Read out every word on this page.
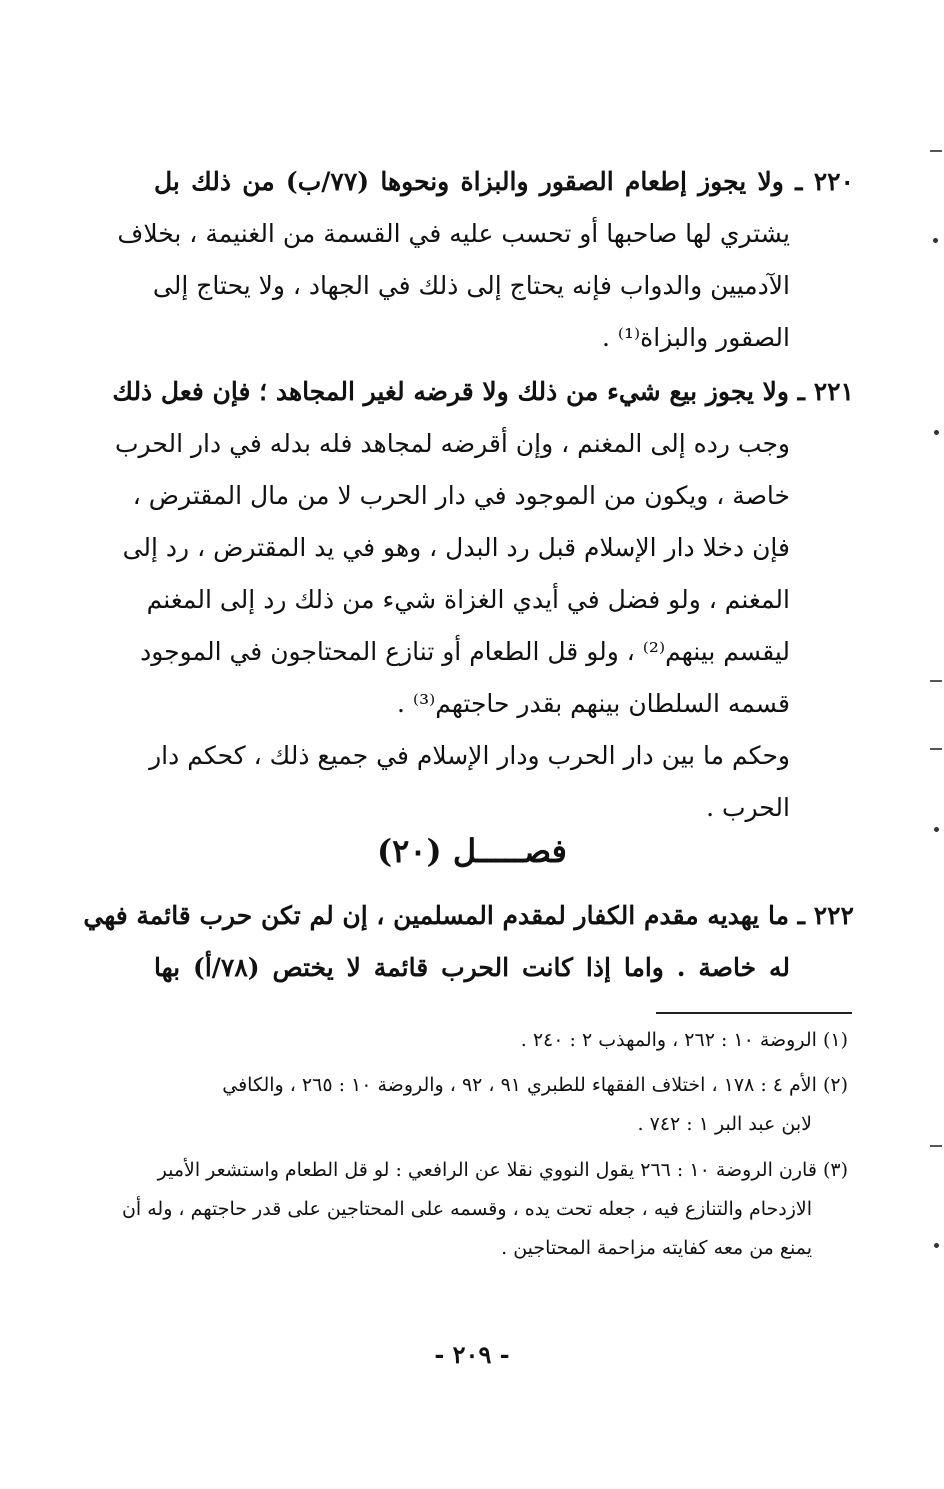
٢٢٠ ـ ولا يجوز إطعام الصقور والبزاة ونحوها (٧٧/ب) من ذلك بل
يشتري لها صاحبها أو تحسب عليه في القسمة من الغنيمة ، بخلاف
الآدميين والدواب فإنه يحتاج إلى ذلك في الجهاد ، ولا يحتاج إلى
الصقور والبزاة⁽¹⁾ .
٢٢١ ـ ولا يجوز بيع شيء من ذلك ولا قرضه لغير المجاهد ؛ فإن فعل ذلك
وجب رده إلى المغنم ، وإن أقرضه لمجاهد فله بدله في دار الحرب
خاصة ، ويكون من الموجود في دار الحرب لا من مال المقترض ،
فإن دخلا دار الإسلام قبل رد البدل ، وهو في يد المقترض ، رد إلى
المغنم ، ولو فضل في أيدي الغزاة شيء من ذلك رد إلى المغنم
ليقسم بينهم⁽²⁾ ، ولو قل الطعام أو تنازع المحتاجون في الموجود
قسمه السلطان بينهم بقدر حاجتهم⁽³⁾ .
وحكم ما بين دار الحرب ودار الإسلام في جميع ذلك ، كحكم دار
الحرب .
فصـــــل (٢٠)
٢٢٢ ـ ما يهديه مقدم الكفار لمقدم المسلمين ، إن لم تكن حرب قائمة فهي
له خاصة . واما إذا كانت الحرب قائمة لا يختص (٧٨/أ) بها
(١) الروضة ١٠ : ٢٦٢ ، والمهذب ٢ : ٢٤٠ .
(٢) الأم ٤ : ١٧٨ ، اختلاف الفقهاء للطبري ٩١ ، ٩٢ ، والروضة ١٠ : ٢٦٥ ، والكافي
لابن عبد البر ١ : ٧٤٢ .
(٣) قارن الروضة ١٠ : ٢٦٦ يقول النووي نقلا عن الرافعي : لو قل الطعام واستشعر الأمير
الازدحام والتنازع فيه ، جعله تحت يده ، وقسمه على المحتاجين على قدر حاجتهم ، وله أن
يمنع من معه كفايته مزاحمة المحتاجين .
- ٢٠٩ -
